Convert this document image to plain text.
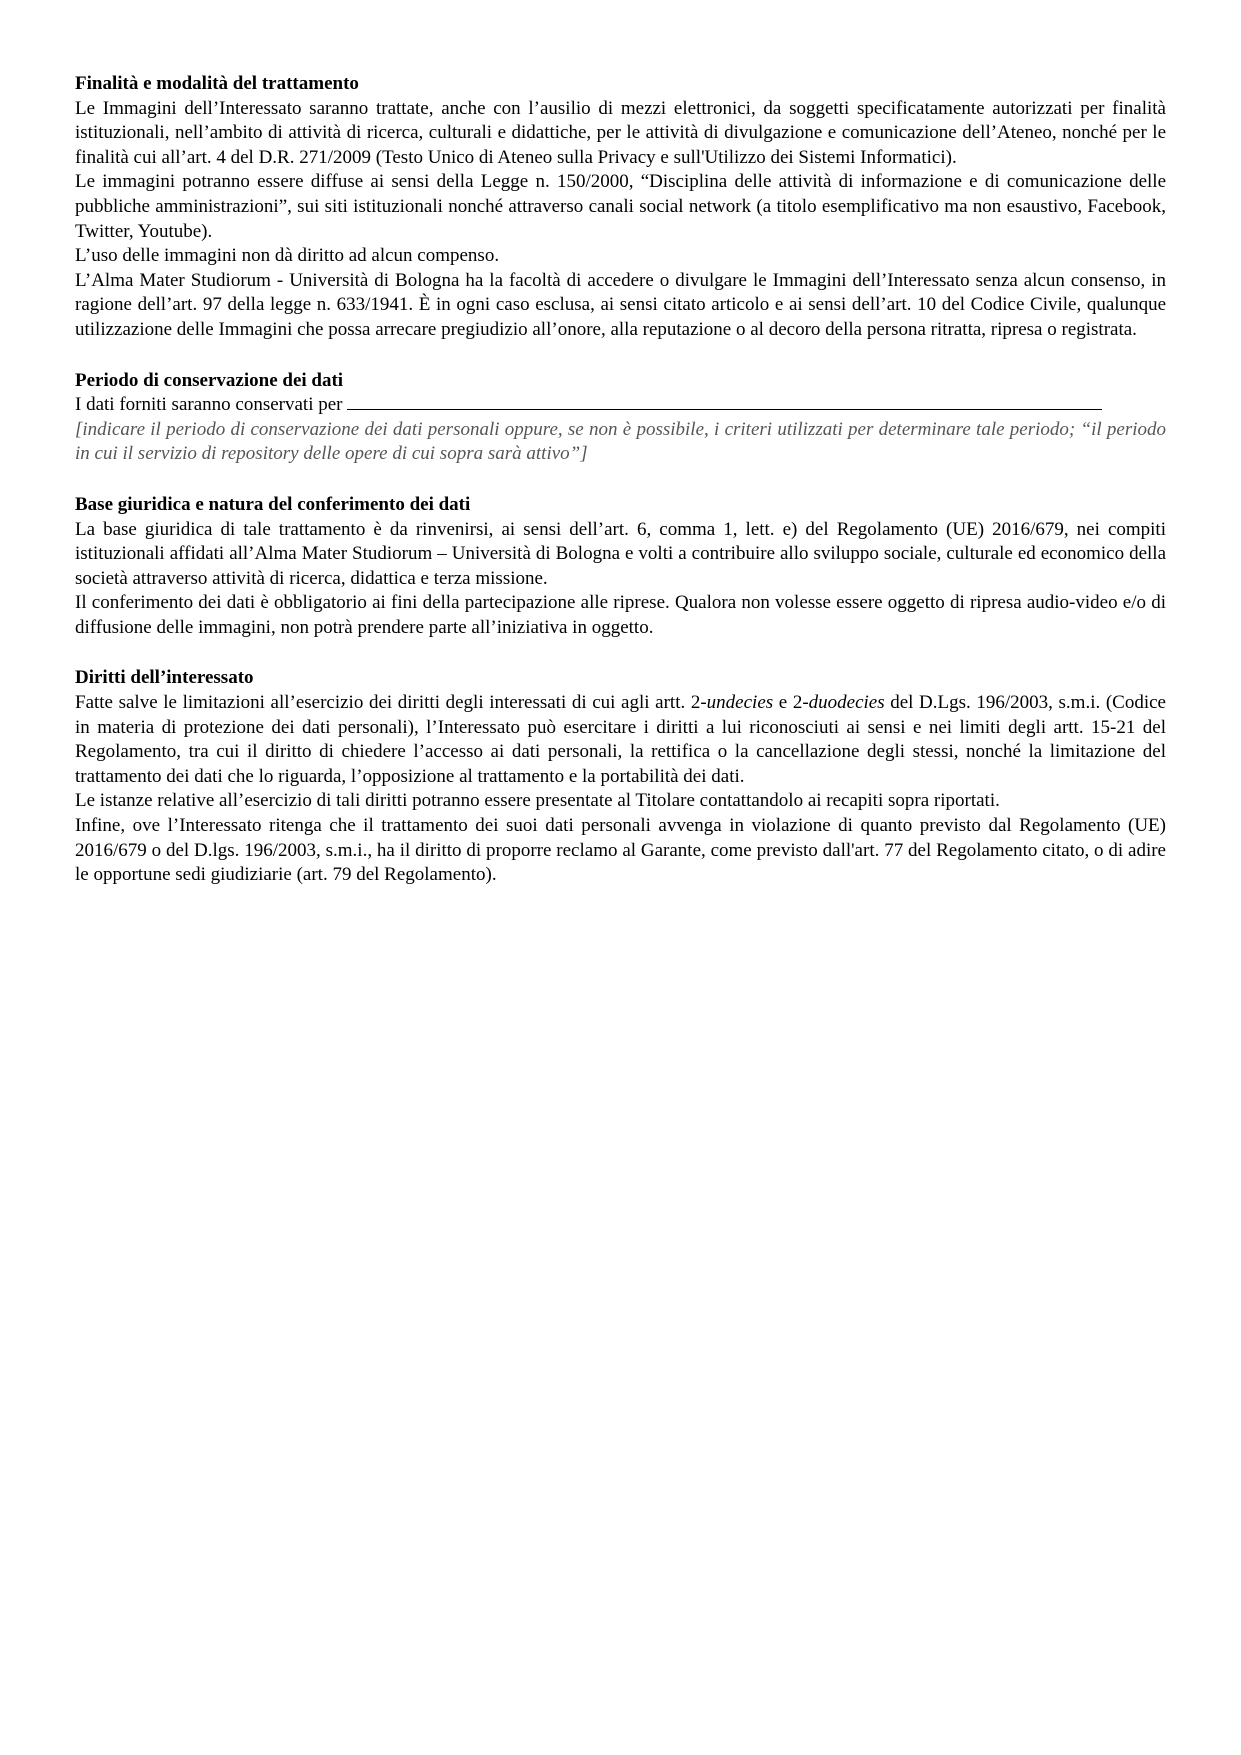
Finalità e modalità del trattamento

Le Immagini dell’Interessato saranno trattate, anche con l’ausilio di mezzi elettronici, da soggetti specificatamente autorizzati per finalità istituzionali, nell’ambito di attività di ricerca, culturali e didattiche, per le attività di divulgazione e comunicazione dell’Ateneo, nonché per le finalità cui all’art. 4 del D.R. 271/2009 (Testo Unico di Ateneo sulla Privacy e sull'Utilizzo dei Sistemi Informatici).

Le immagini potranno essere diffuse ai sensi della Legge n. 150/2000, “Disciplina delle attività di informazione e di comunicazione delle pubbliche amministrazioni”, sui siti istituzionali nonché attraverso canali social network (a titolo esemplificativo ma non esaustivo, Facebook, Twitter, Youtube).

L’uso delle immagini non dà diritto ad alcun compenso.

L’Alma Mater Studiorum - Università di Bologna ha la facoltà di accedere o divulgare le Immagini dell’Interessato senza alcun consenso, in ragione dell’art. 97 della legge n. 633/1941. È in ogni caso esclusa, ai sensi citato articolo e ai sensi dell’art. 10 del Codice Civile, qualunque utilizzazione delle Immagini che possa arrecare pregiudizio all’onore, alla reputazione o al decoro della persona ritratta, ripresa o registrata.

Periodo di conservazione dei dati

I dati forniti saranno conservati per

[indicare il periodo di conservazione dei dati personali oppure, se non è possibile, i criteri utilizzati per determinare tale periodo; “il periodo in cui il servizio di repository delle opere di cui sopra sarà attivo”]

Base giuridica e natura del conferimento dei dati

La base giuridica di tale trattamento è da rinvenirsi, ai sensi dell’art. 6, comma 1, lett. e) del Regolamento (UE) 2016/679, nei compiti istituzionali affidati all’Alma Mater Studiorum – Università di Bologna e volti a contribuire allo sviluppo sociale, culturale ed economico della società attraverso attività di ricerca, didattica e terza missione.

Il conferimento dei dati è obbligatorio ai fini della partecipazione alle riprese. Qualora non volesse essere oggetto di ripresa audio-video e/o di diffusione delle immagini, non potrà prendere parte all’iniziativa in oggetto.

Diritti dell’interessato

Fatte salve le limitazioni all’esercizio dei diritti degli interessati di cui agli artt. 2-undecies e 2-duodecies del D.Lgs. 196/2003, s.m.i. (Codice in materia di protezione dei dati personali), l’Interessato può esercitare i diritti a lui riconosciuti ai sensi e nei limiti degli artt. 15-21 del Regolamento, tra cui il diritto di chiedere l’accesso ai dati personali, la rettifica o la cancellazione degli stessi, nonché la limitazione del trattamento dei dati che lo riguarda, l’opposizione al trattamento e la portabilità dei dati.

Le istanze relative all’esercizio di tali diritti potranno essere presentate al Titolare contattandolo ai recapiti sopra riportati.

Infine, ove l’Interessato ritenga che il trattamento dei suoi dati personali avvenga in violazione di quanto previsto dal Regolamento (UE) 2016/679 o del D.lgs. 196/2003, s.m.i., ha il diritto di proporre reclamo al Garante, come previsto dall'art. 77 del Regolamento citato, o di adire le opportune sedi giudiziarie (art. 79 del Regolamento).
